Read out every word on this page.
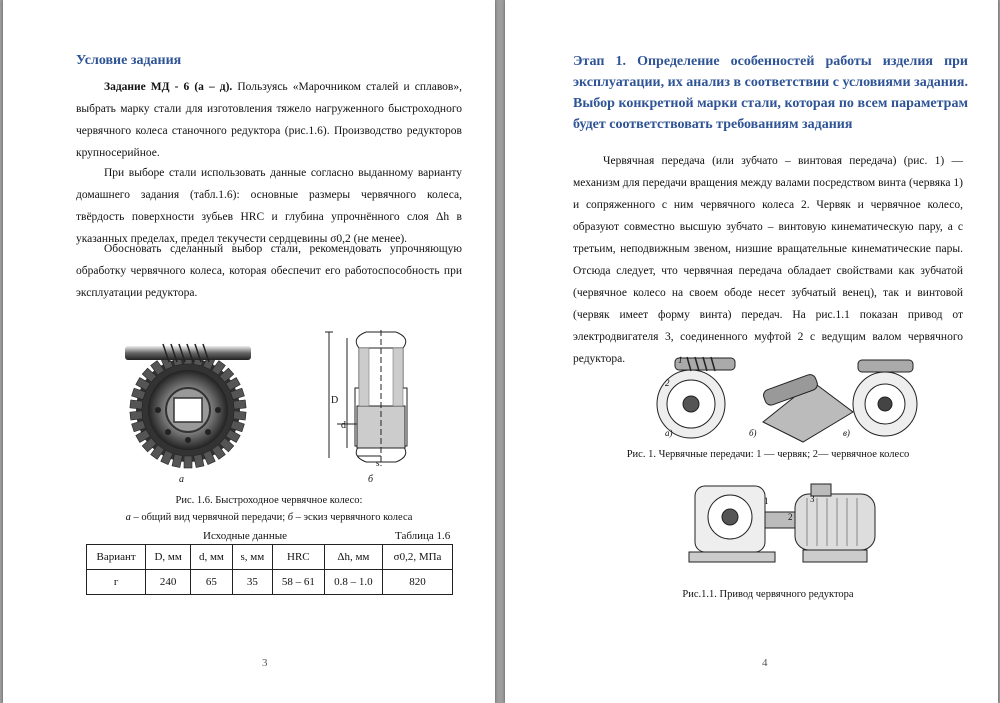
Условие задания

Задание МД - 6 (а – д). Пользуясь «Марочником сталей и сплавов», выбрать марку стали для изготовления тяжело нагруженного быстроходного червячного колеса станочного редуктора (рис.1.6). Производство редукторов крупносерийное.

При выборе стали использовать данные согласно выданному варианту домашнего задания (табл.1.6): основные размеры червячного колеса, твёрдость поверхности зубьев HRC и глубина упрочнённого слоя Δh в указанных пределах, предел текучести сердцевины σ0,2 (не менее).

Обосновать сделанный выбор стали, рекомендовать упрочняющую обработку червячного колеса, которая обеспечит его работоспособность при эксплуатации редуктора.

а
D
d
s
б
Рис. 1.6. Быстроходное червячное колесо:
а – общий вид червячной передачи; б – эскиз червячного колеса
Исходные данные	Таблица 1.6
Вариант	D, мм	d, мм	s, мм	HRC	Δh, мм	σ0,2, МПа
г	240	65	35	58 – 61	0.8 – 1.0	820
3
Этап 1. Определение особенностей работы изделия при эксплуатации, их анализ в соответствии с условиями задания. Выбор конкретной марки стали, которая по всем параметрам будет соответствовать требованиям задания

Червячная передача (или зубчато – винтовая передача) (рис. 1) — механизм для передачи вращения между валами посредством винта (червяка 1) и сопряженного с ним червячного колеса 2. Червяк и червячное колесо, образуют совместно высшую зубчато – винтовую кинематическую пару, а с третьим, неподвижным звеном, низшие вращательные кинематические пары. Отсюда следует, что червячная передача обладает свойствами как зубчатой (червячное колесо на своем ободе несет зубчатый венец), так и винтовой (червяк имеет форму винта) передач. На рис.1.1 показан привод от электродвигателя 3, соединенного муфтой 2 с ведущим валом червячного редуктора.	1
2
а)	б)	в)
Рис. 1. Червячные передачи: 1 — червяк; 2— червячное колесо
1
2
3
Рис.1.1. Привод червячного редуктора
4
